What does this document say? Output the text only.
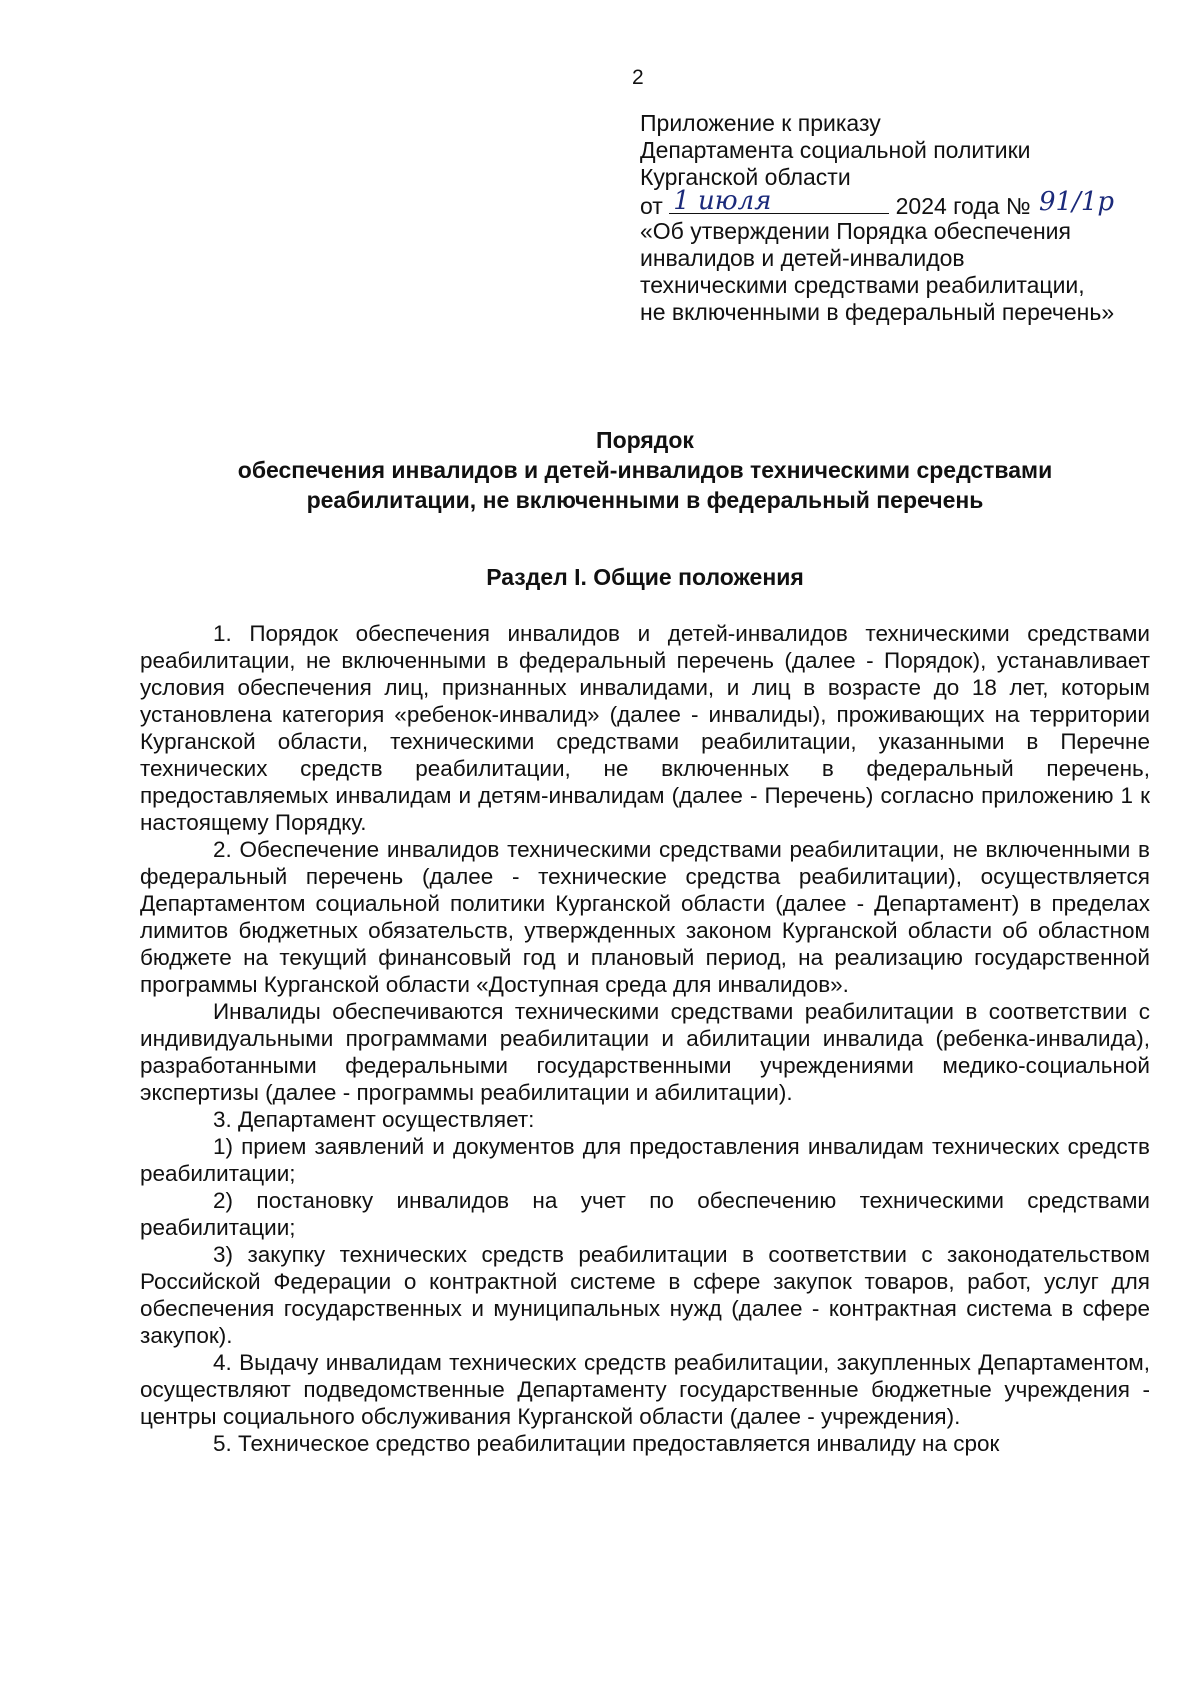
2
Приложение к приказу
Департамента социальной политики
Курганской области
от 1 июля	2024 года № 91/1р
«Об утверждении Порядка обеспечения
инвалидов и детей-инвалидов
техническими средствами реабилитации,
не включенными в федеральный перечень»
Порядок
обеспечения инвалидов и детей-инвалидов техническими средствами
реабилитации, не включенными в федеральный перечень
Раздел I. Общие положения

1. Порядок обеспечения инвалидов и детей-инвалидов техническими средствами реабилитации, не включенными в федеральный перечень (далее - Порядок), устанавливает условия обеспечения лиц, признанных инвалидами, и лиц в возрасте до 18 лет, которым установлена категория «ребенок-инвалид» (далее - инвалиды), проживающих на территории Курганской области, техническими средствами реабилитации, указанными в Перечне технических средств реабилитации, не включенных в федеральный перечень, предоставляемых инвалидам и детям-инвалидам (далее - Перечень) согласно приложению 1 к настоящему Порядку.

2. Обеспечение инвалидов техническими средствами реабилитации, не включенными в федеральный перечень (далее - технические средства реабилитации), осуществляется Департаментом социальной политики Курганской области (далее - Департамент) в пределах лимитов бюджетных обязательств, утвержденных законом Курганской области об областном бюджете на текущий финансовый год и плановый период, на реализацию государственной программы Курганской области «Доступная среда для инвалидов».

Инвалиды обеспечиваются техническими средствами реабилитации в соответствии с индивидуальными программами реабилитации и абилитации инвалида (ребенка-инвалида), разработанными федеральными государственными учреждениями медико-социальной экспертизы (далее - программы реабилитации и абилитации).

3. Департамент осуществляет:

1) прием заявлений и документов для предоставления инвалидам технических средств реабилитации;

2) постановку инвалидов на учет по обеспечению техническими средствами реабилитации;

3) закупку технических средств реабилитации в соответствии с законодательством Российской Федерации о контрактной системе в сфере закупок товаров, работ, услуг для обеспечения государственных и муниципальных нужд (далее - контрактная система в сфере закупок).

4. Выдачу инвалидам технических средств реабилитации, закупленных Департаментом, осуществляют подведомственные Департаменту государственные бюджетные учреждения - центры социального обслуживания Курганской области (далее - учреждения).

5. Техническое средство реабилитации предоставляется инвалиду на срок
